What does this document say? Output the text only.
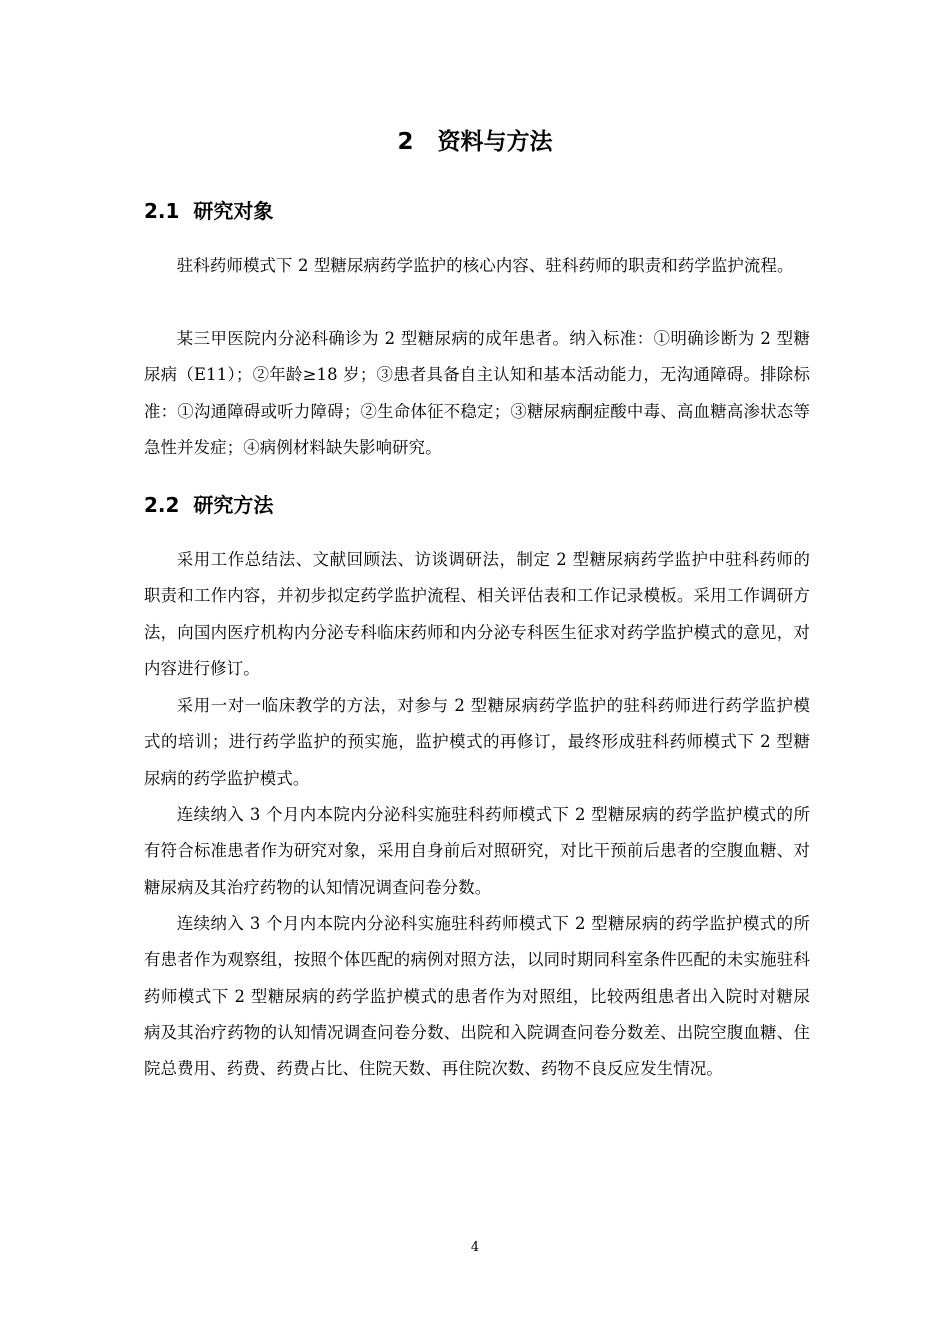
2   资料与方法
2.1  研究对象
驻科药师模式下 2 型糖尿病药学监护的核心内容、驻科药师的职责和药学监护流程。
某三甲医院内分泌科确诊为 2 型糖尿病的成年患者。纳入标准：①明确诊断为 2 型糖尿病（E11）；②年龄≥18 岁；③患者具备自主认知和基本活动能力，无沟通障碍。排除标准：①沟通障碍或听力障碍；②生命体征不稳定；③糖尿病酮症酸中毒、高血糖高渗状态等急性并发症；④病例材料缺失影响研究。
2.2  研究方法
采用工作总结法、文献回顾法、访谈调研法，制定 2 型糖尿病药学监护中驻科药师的职责和工作内容，并初步拟定药学监护流程、相关评估表和工作记录模板。采用工作调研方法，向国内医疗机构内分泌专科临床药师和内分泌专科医生征求对药学监护模式的意见，对内容进行修订。
采用一对一临床教学的方法，对参与 2 型糖尿病药学监护的驻科药师进行药学监护模式的培训；进行药学监护的预实施，监护模式的再修订，最终形成驻科药师模式下 2 型糖尿病的药学监护模式。
连续纳入 3 个月内本院内分泌科实施驻科药师模式下 2 型糖尿病的药学监护模式的所有符合标准患者作为研究对象，采用自身前后对照研究，对比干预前后患者的空腹血糖、对糖尿病及其治疗药物的认知情况调查问卷分数。
连续纳入 3 个月内本院内分泌科实施驻科药师模式下 2 型糖尿病的药学监护模式的所有患者作为观察组，按照个体匹配的病例对照方法，以同时期同科室条件匹配的未实施驻科药师模式下 2 型糖尿病的药学监护模式的患者作为对照组，比较两组患者出入院时对糖尿病及其治疗药物的认知情况调查问卷分数、出院和入院调查问卷分数差、出院空腹血糖、住院总费用、药费、药费占比、住院天数、再住院次数、药物不良反应发生情况。
4
